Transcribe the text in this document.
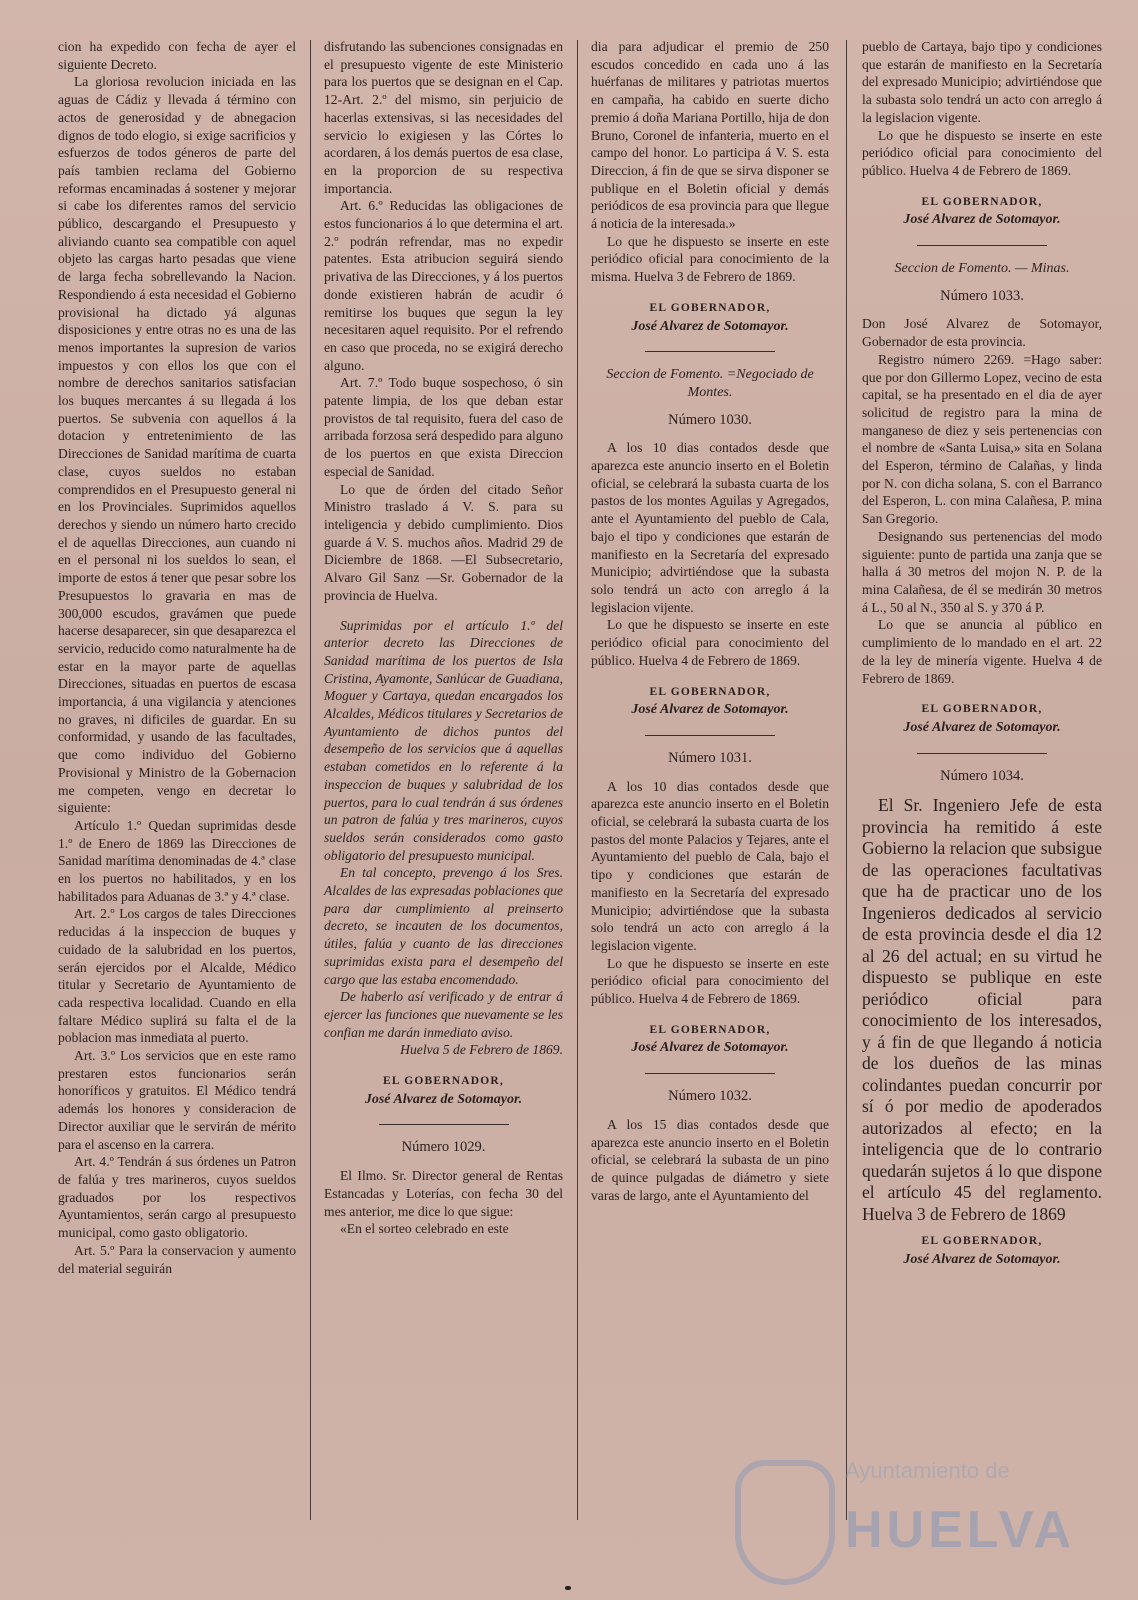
cion ha expedido con fecha de ayer el siguiente Decreto.

La gloriosa revolucion iniciada en las aguas de Cádiz y llevada á término con actos de generosidad y de abnegacion dignos de todo elogio, si exige sacrificios y esfuerzos de todos géneros de parte del país tambien reclama del Gobierno reformas encaminadas á sostener y mejorar si cabe los diferentes ramos del servicio público, descargando el Presupuesto y aliviando cuanto sea compatible con aquel objeto las cargas harto pesadas que viene de larga fecha sobrellevando la Nacion. Respondiendo á esta necesidad el Gobierno provisional ha dictado yá algunas disposiciones y entre otras no es una de las menos importantes la supresion de varios impuestos y con ellos los que con el nombre de derechos sanitarios satisfacian los buques mercantes á su llegada á los puertos. Se subvenia con aquellos á la dotacion y entretenimiento de las Direcciones de Sanidad marítima de cuarta clase, cuyos sueldos no estaban comprendidos en el Presupuesto general ni en los Provinciales. Suprimidos aquellos derechos y siendo un número harto crecido el de aquellas Direcciones, aun cuando ni en el personal ni los sueldos lo sean, el importe de estos á tener que pesar sobre los Presupuestos lo gravaria en mas de 300,000 escudos, gravámen que puede hacerse desaparecer, sin que desaparezca el servicio, reducido como naturalmente ha de estar en la mayor parte de aquellas Direcciones, situadas en puertos de escasa importancia, á una vigilancia y atenciones no graves, ni dificiles de guardar. En su conformidad, y usando de las facultades, que como individuo del Gobierno Provisional y Ministro de la Gobernacion me competen, vengo en decretar lo siguiente:

Artículo 1.º Quedan suprimidas desde 1.º de Enero de 1869 las Direcciones de Sanidad marítima denominadas de 4.ª clase en los puertos no habilitados, y en los habilitados para Aduanas de 3.ª y 4.ª clase.

Art. 2.º Los cargos de tales Direcciones reducidas á la inspeccion de buques y cuidado de la salubridad en los puertos, serán ejercidos por el Alcalde, Médico titular y Secretario de Ayuntamiento de cada respectiva localidad. Cuando en ella faltare Médico suplirá su falta el de la poblacion mas inmediata al puerto.

Art. 3.º Los servicios que en este ramo prestaren estos funcionarios serán honoríficos y gratuitos. El Médico tendrá además los honores y consideracion de Director auxiliar que le servirán de mérito para el ascenso en la carrera.

Art. 4.º Tendrán á sus órdenes un Patron de falúa y tres marineros, cuyos sueldos graduados por los respectivos Ayuntamientos, serán cargo al presupuesto municipal, como gasto obligatorio.

Art. 5.º Para la conservacion y aumento del material seguirán

disfrutando las subenciones consignadas en el presupuesto vigente de este Ministerio para los puertos que se designan en el Cap. 12-Art. 2.º del mismo, sin perjuicio de hacerlas extensivas, si las necesidades del servicio lo exigiesen y las Córtes lo acordaren, á los demás puertos de esa clase, en la proporcion de su respectiva importancia.

Art. 6.º Reducidas las obligaciones de estos funcionarios á lo que determina el art. 2.º podrán refrendar, mas no expedir patentes. Esta atribucion seguirá siendo privativa de las Direcciones, y á los puertos donde existieren habrán de acudir ó remitirse los buques que segun la ley necesitaren aquel requisito. Por el refrendo en caso que proceda, no se exigirá derecho alguno.

Art. 7.º Todo buque sospechoso, ó sin patente limpia, de los que deban estar provistos de tal requisito, fuera del caso de arribada forzosa será despedido para alguno de los puertos en que exista Direccion especial de Sanidad.

Lo que de órden del citado Señor Ministro traslado á V. S. para su inteligencia y debido cumplimiento. Dios guarde á V. S. muchos años. Madrid 29 de Diciembre de 1868. —El Subsecretario, Alvaro Gil Sanz —Sr. Gobernador de la provincia de Huelva.

Suprimidas por el artículo 1.º del anterior decreto las Direcciones de Sanidad marítima de los puertos de Isla Cristina, Ayamonte, Sanlúcar de Guadiana, Moguer y Cartaya, quedan encargados los Alcaldes, Médicos titulares y Secretarios de Ayuntamiento de dichos puntos del desempeño de los servicios que á aquellas estaban cometidos en lo referente á la inspeccion de buques y salubridad de los puertos, para lo cual tendrán á sus órdenes un patron de falúa y tres marineros, cuyos sueldos serán considerados como gasto obligatorio del presupuesto municipal.

En tal concepto, prevengo á los Sres. Alcaldes de las expresadas poblaciones que para dar cumplimiento al preinserto decreto, se incauten de los documentos, útiles, falúa y cuanto de las direcciones suprimidas exista para el desempeño del cargo que las estaba encomendado.

De haberlo así verificado y de entrar á ejercer las funciones que nuevamente se les confian me darán inmediato aviso.

Huelva 5 de Febrero de 1869.

EL GOBERNADOR,
José Alvarez de Sotomayor.
Número 1029.

El Ilmo. Sr. Director general de Rentas Estancadas y Loterías, con fecha 30 del mes anterior, me dice lo que sigue:

«En el sorteo celebrado en este

dia para adjudicar el premio de 250 escudos concedido en cada uno á las huérfanas de militares y patriotas muertos en campaña, ha cabido en suerte dicho premio á doña Mariana Portillo, hija de don Bruno, Coronel de infanteria, muerto en el campo del honor. Lo participa á V. S. esta Direccion, á fin de que se sirva disponer se publique en el Boletin oficial y demás periódicos de esa provincia para que llegue á noticia de la interesada.»

Lo que he dispuesto se inserte en este periódico oficial para conocimiento de la misma. Huelva 3 de Febrero de 1869.

EL GOBERNADOR,
José Alvarez de Sotomayor.
Seccion de Fomento. =Negociado de Montes.
Número 1030.

A los 10 dias contados desde que aparezca este anuncio inserto en el Boletin oficial, se celebrará la subasta cuarta de los pastos de los montes Aguilas y Agregados, ante el Ayuntamiento del pueblo de Cala, bajo el tipo y condiciones que estarán de manifiesto en la Secretaría del expresado Municipio; advirtiéndose que la subasta solo tendrá un acto con arreglo á la legislacion vijente.

Lo que he dispuesto se inserte en este periódico oficial para conocimiento del público. Huelva 4 de Febrero de 1869.

EL GOBERNADOR,
José Alvarez de Sotomayor.
Número 1031.

A los 10 dias contados desde que aparezca este anuncio inserto en el Boletin oficial, se celebrará la subasta cuarta de los pastos del monte Palacios y Tejares, ante el Ayuntamiento del pueblo de Cala, bajo el tipo y condiciones que estarán de manifiesto en la Secretaría del expresado Municipio; advirtiéndose que la subasta solo tendrá un acto con arreglo á la legislacion vigente.

Lo que he dispuesto se inserte en este periódico oficial para conocimiento del público. Huelva 4 de Febrero de 1869.

EL GOBERNADOR,
José Alvarez de Sotomayor.
Número 1032.

A los 15 dias contados desde que aparezca este anuncio inserto en el Boletin oficial, se celebrará la subasta de un pino de quince pulgadas de diámetro y siete varas de largo, ante el Ayuntamiento del

pueblo de Cartaya, bajo tipo y condiciones que estarán de manifiesto en la Secretaría del expresado Municipio; advirtiéndose que la subasta solo tendrá un acto con arreglo á la legislacion vigente.

Lo que he dispuesto se inserte en este periódico oficial para conocimiento del público. Huelva 4 de Febrero de 1869.

EL GOBERNADOR,
José Alvarez de Sotomayor.
Seccion de Fomento. — Minas.
Número 1033.

Don José Alvarez de Sotomayor, Gobernador de esta provincia.

Registro número 2269. =Hago saber: que por don Gillermo Lopez, vecino de esta capital, se ha presentado en el dia de ayer solicitud de registro para la mina de manganeso de diez y seis pertenencias con el nombre de «Santa Luisa,» sita en Solana del Esperon, término de Calañas, y linda por N. con dicha solana, S. con el Barranco del Esperon, L. con mina Calañesa, P. mina San Gregorio.

Designando sus pertenencias del modo siguiente: punto de partida una zanja que se halla á 30 metros del mojon N. P. de la mina Calañesa, de él se medirán 30 metros á L., 50 al N., 350 al S. y 370 á P.

Lo que se anuncia al público en cumplimiento de lo mandado en el art. 22 de la ley de minería vigente. Huelva 4 de Febrero de 1869.

EL GOBERNADOR,
José Alvarez de Sotomayor.
Número 1034.

El Sr. Ingeniero Jefe de esta provincia ha remitido á este Gobierno la relacion que subsigue de las operaciones facultativas que ha de practicar uno de los Ingenieros dedicados al servicio de esta provincia desde el dia 12 al 26 del actual; en su virtud he dispuesto se publique en este periódico oficial para conocimiento de los interesados, y á fin de que llegando á noticia de los dueños de las minas colindantes puedan concurrir por sí ó por medio de apoderados autorizados al efecto; en la inteligencia que de lo contrario quedarán sujetos á lo que dispone el artículo 45 del reglamento. Huelva 3 de Febrero de 1869

EL GOBERNADOR,
José Alvarez de Sotomayor.
Ayuntamiento de
HUELVA
